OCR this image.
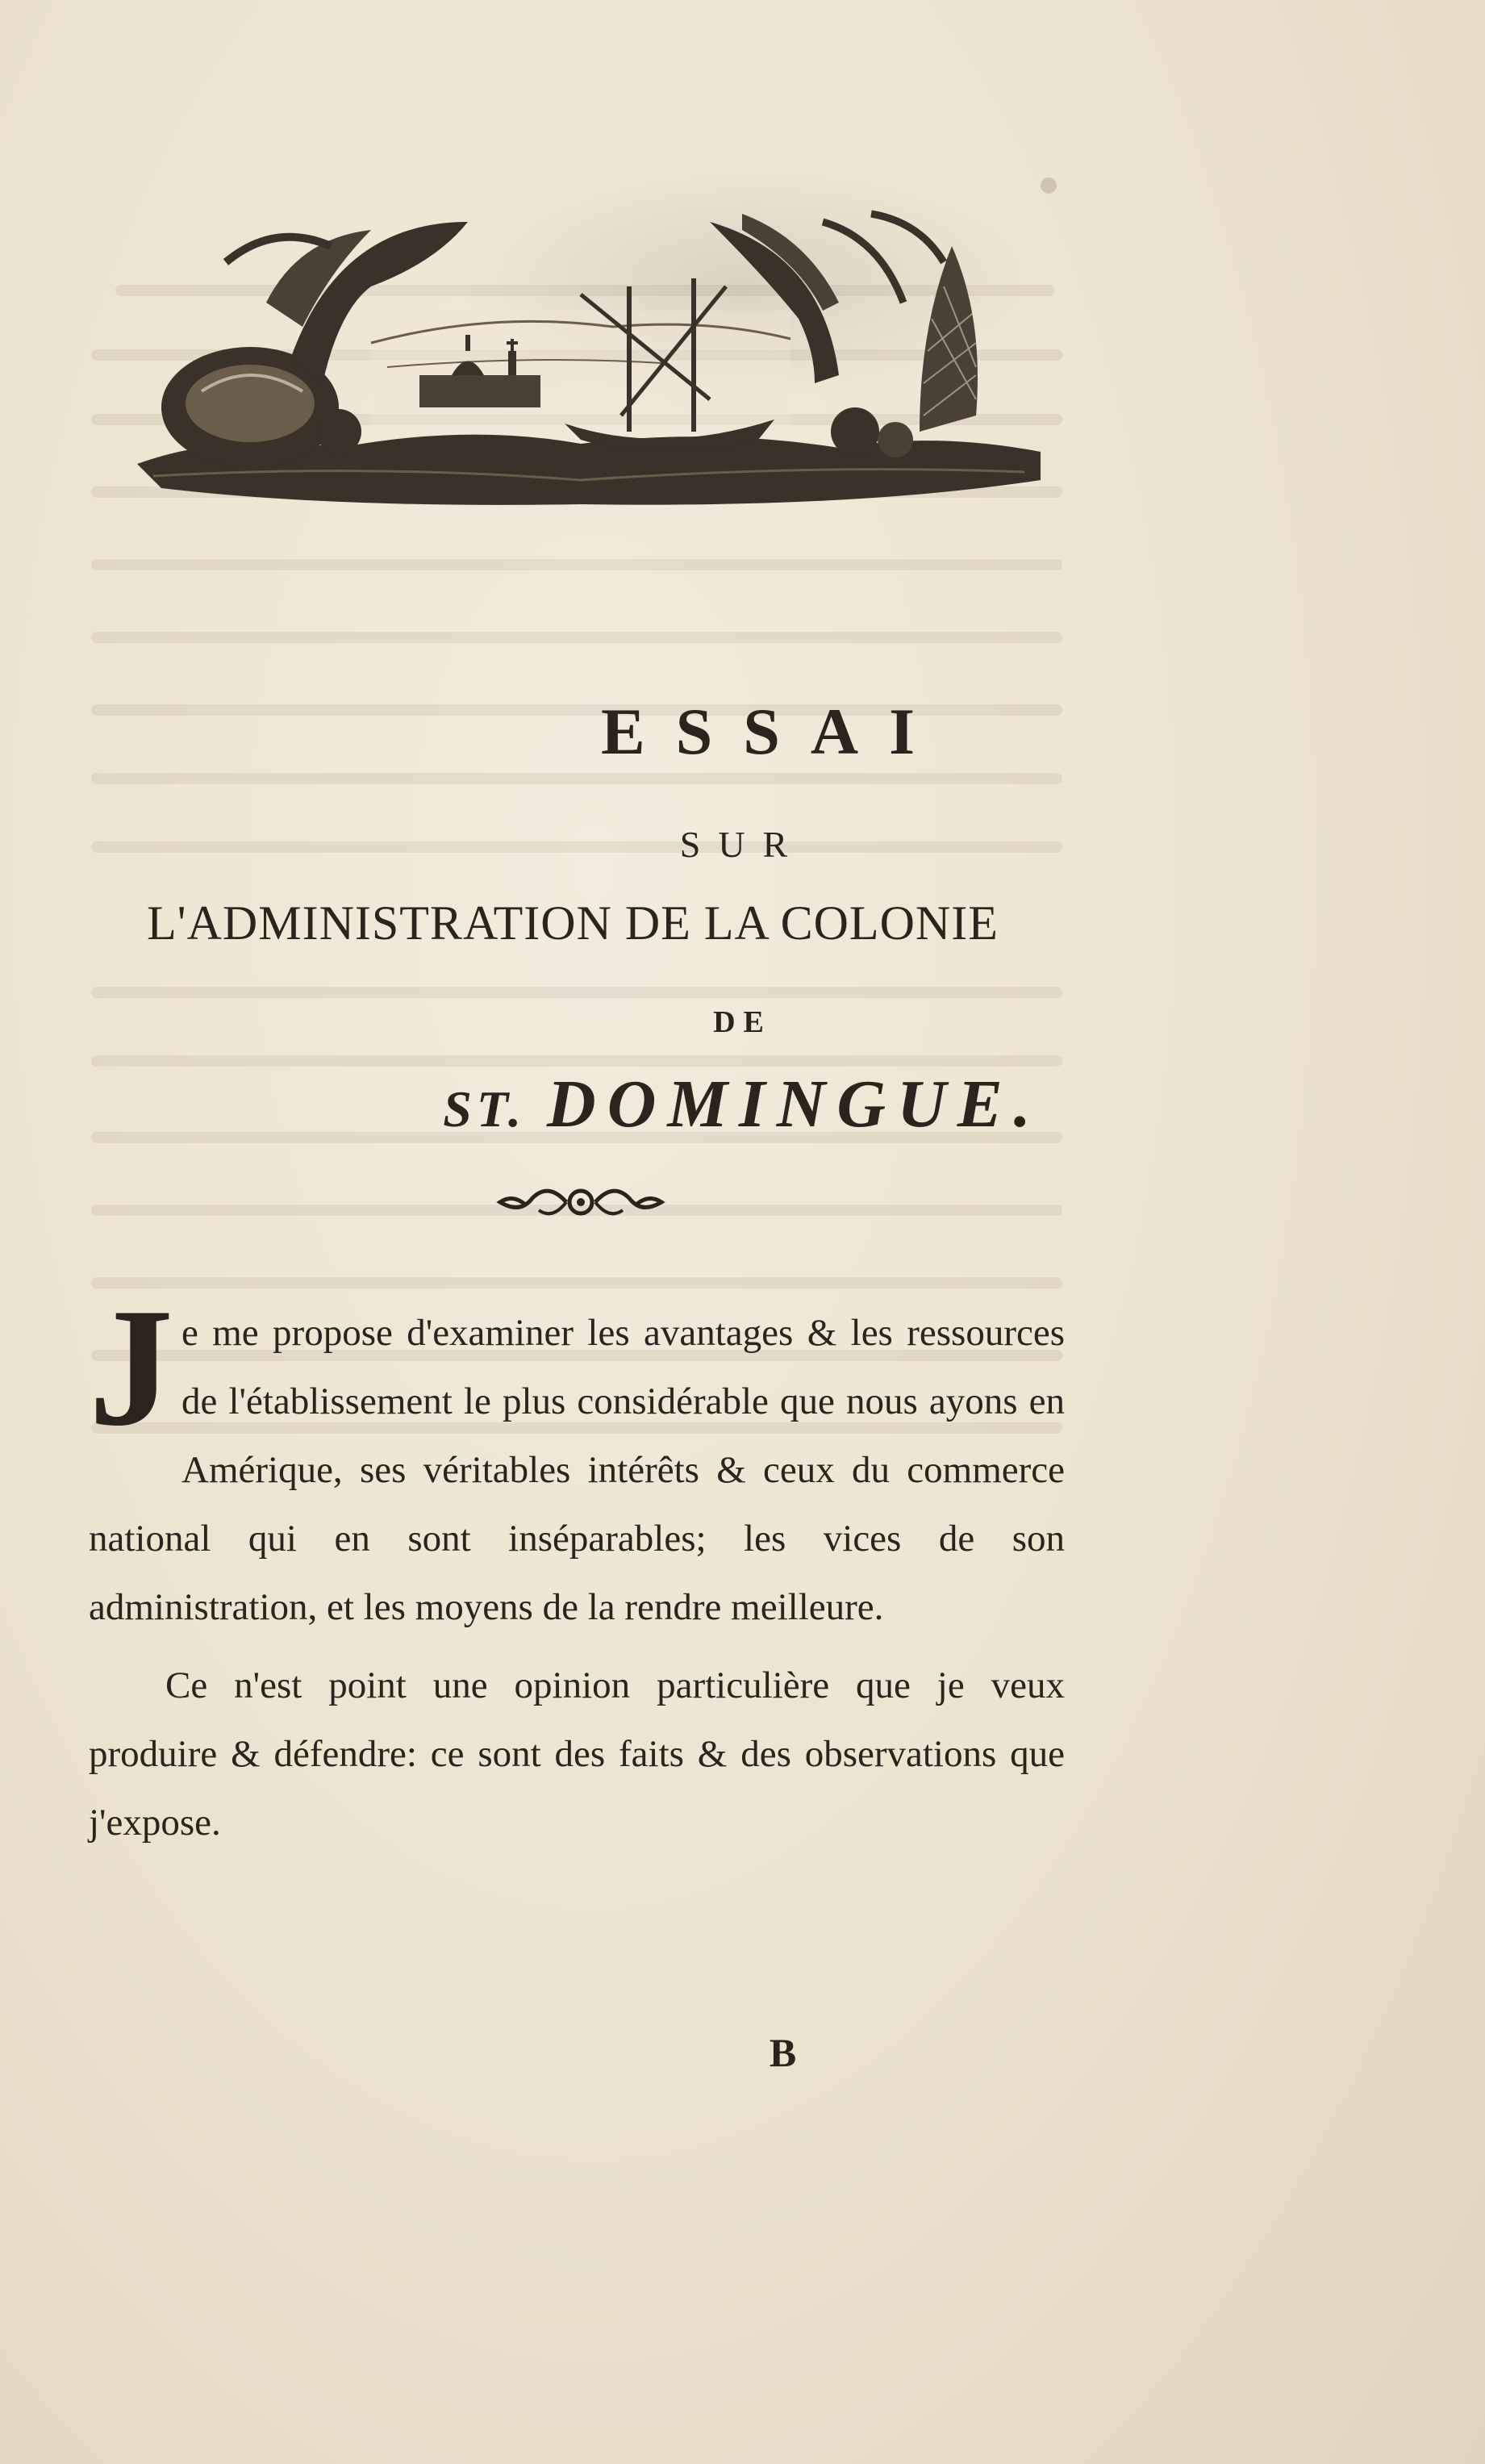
ESSAI
SUR
L'ADMINISTRATION DE LA COLONIE
DE
ST. DOMINGUE.

Je me propose d'examiner les avantages & les ressources de l'établissement le plus considérable que nous ayons en Amérique, ses véritables intérêts & ceux du commerce national qui en sont inséparables; les vices de son administration, et les moyens de la rendre meilleure.

Ce n'est point une opinion particulière que je veux produire & défendre: ce sont des faits & des observations que j'expose.

B
